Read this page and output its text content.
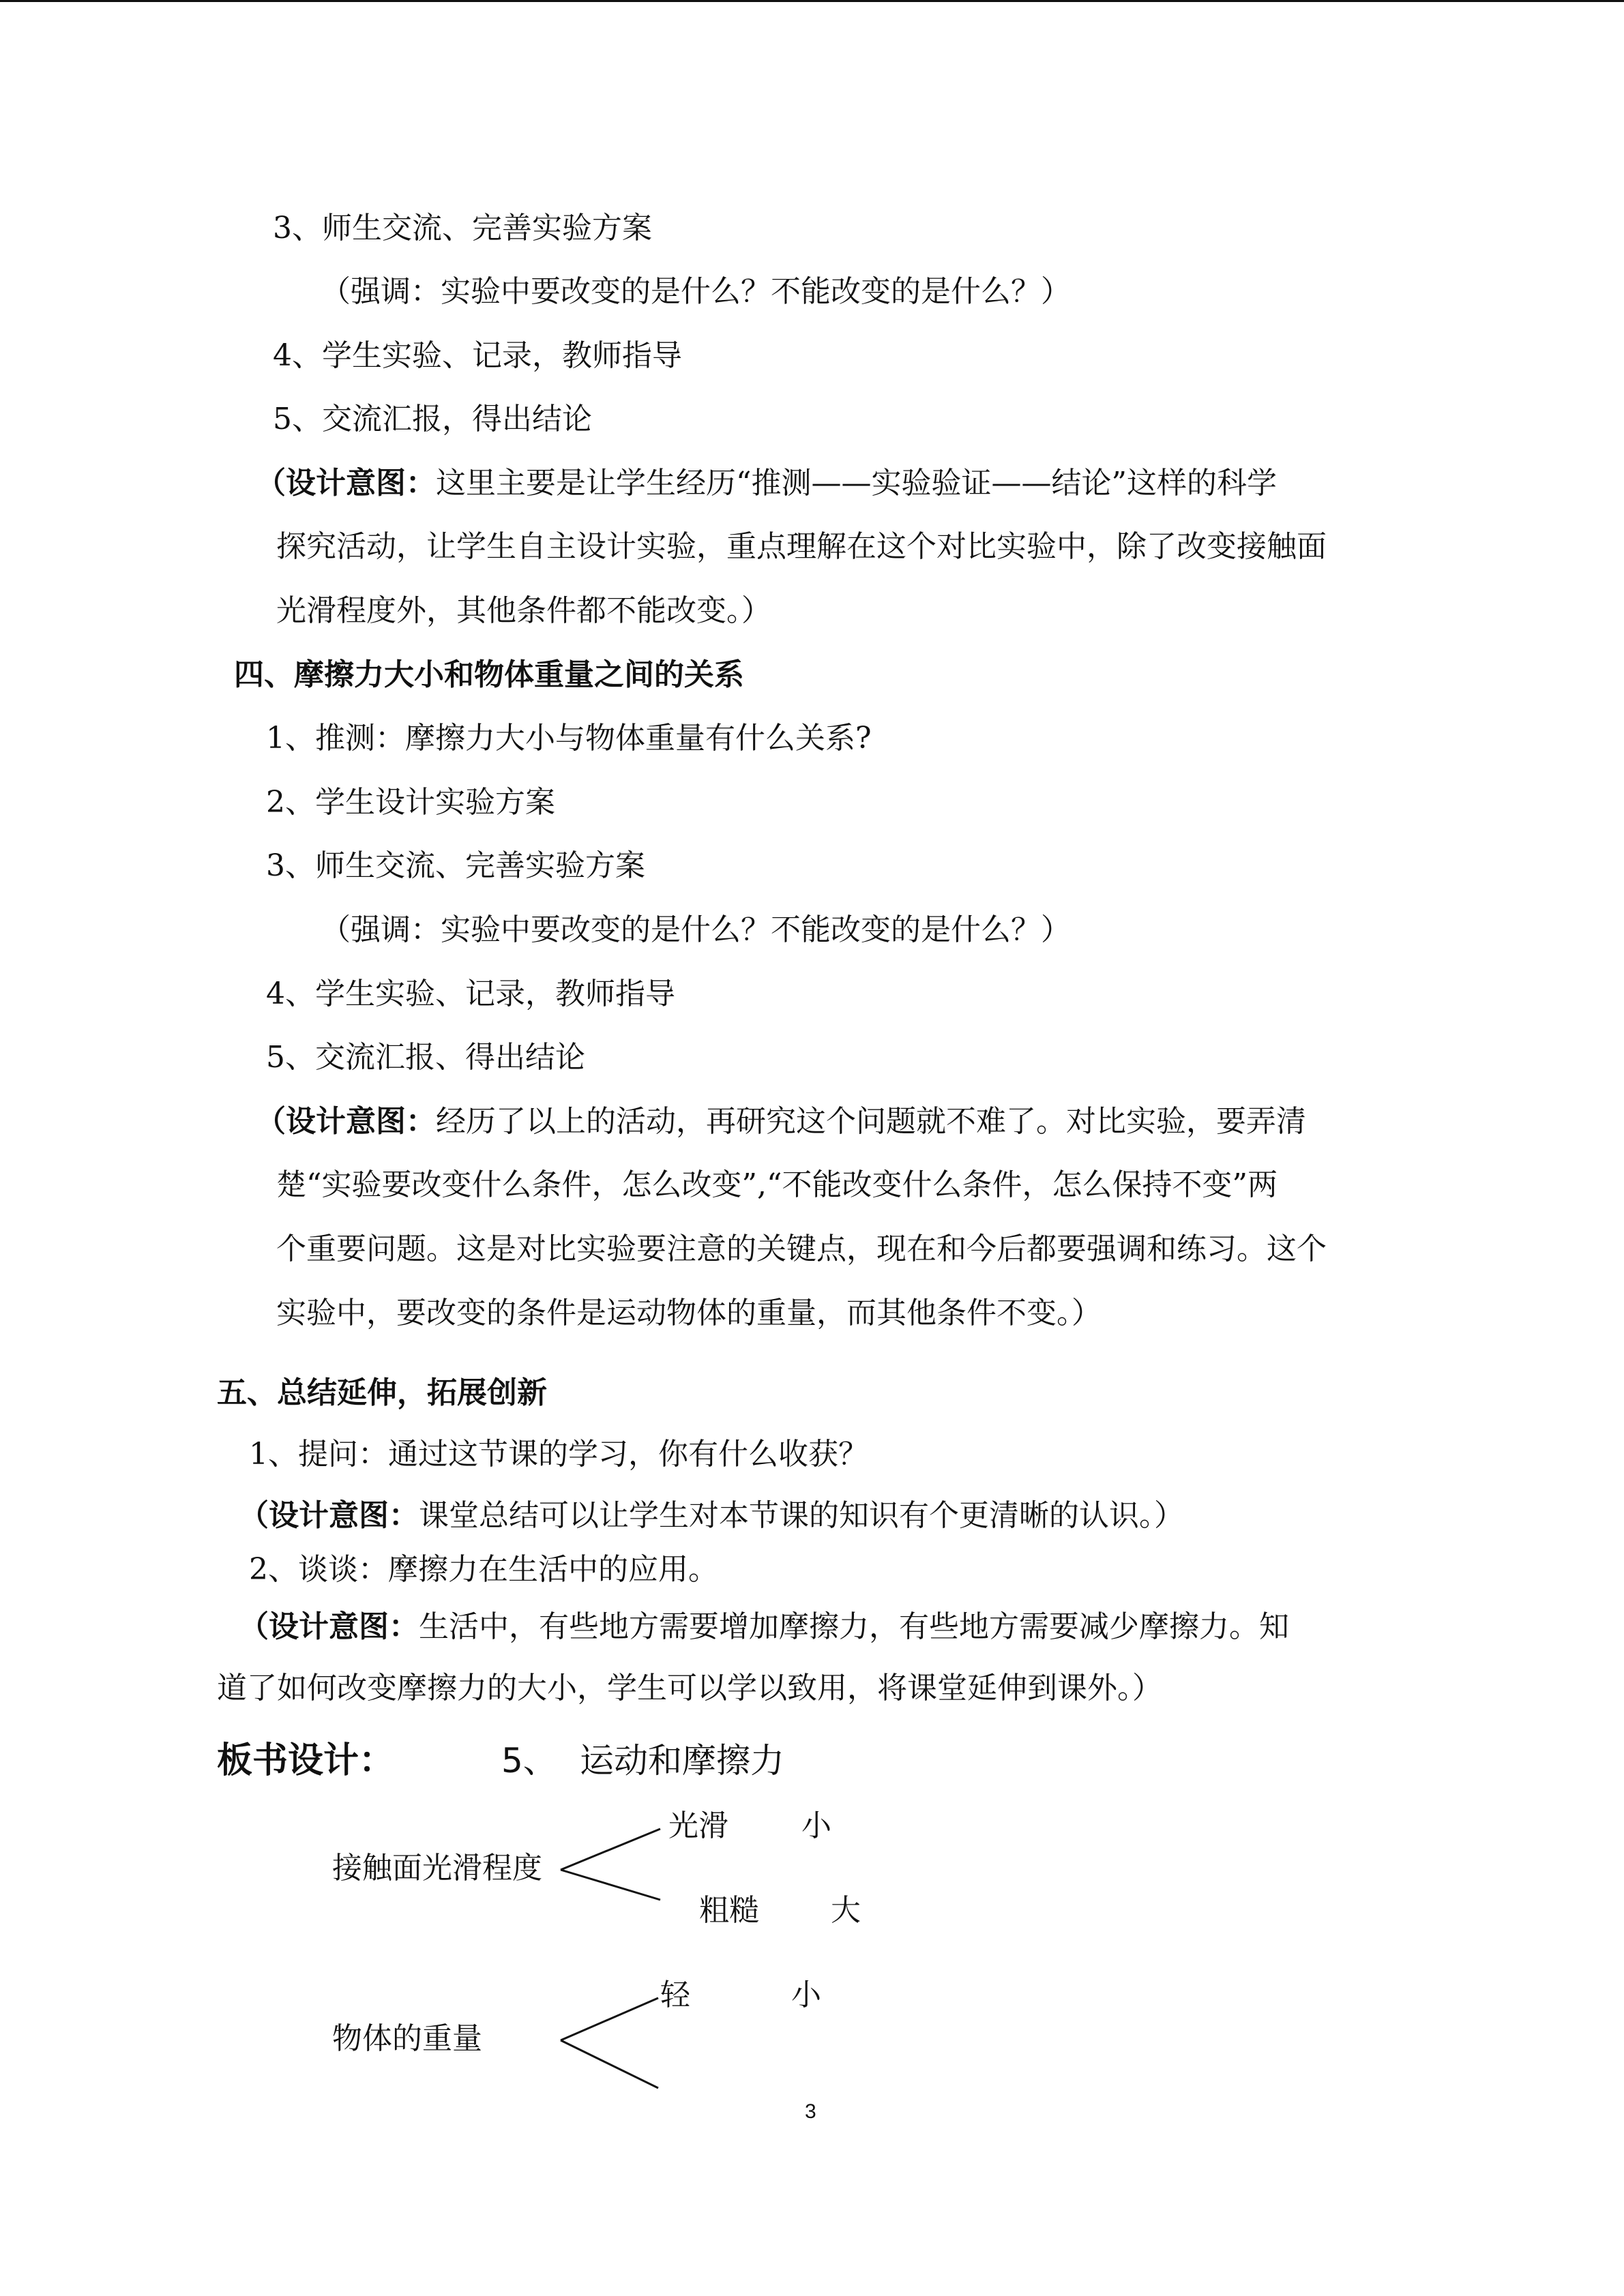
3、师生交流、完善实验方案
（强调：实验中要改变的是什么？不能改变的是什么？）
4、学生实验、记录，教师指导
5、交流汇报，得出结论
（设计意图：这里主要是让学生经历“推测——实验验证——结论”这样的科学
探究活动，让学生自主设计实验，重点理解在这个对比实验中，除了改变接触面
光滑程度外，其他条件都不能改变。）
四、摩擦力大小和物体重量之间的关系
1、推测：摩擦力大小与物体重量有什么关系?
2、学生设计实验方案
3、师生交流、完善实验方案
（强调：实验中要改变的是什么？不能改变的是什么？）
4、学生实验、记录，教师指导
5、交流汇报、得出结论
（设计意图：经历了以上的活动，再研究这个问题就不难了。对比实验，要弄清
楚“实验要改变什么条件，怎么改变”,“不能改变什么条件，怎么保持不变”两
个重要问题。这是对比实验要注意的关键点，现在和今后都要强调和练习。这个
实验中，要改变的条件是运动物体的重量，而其他条件不变。）
五、总结延伸，拓展创新
1、提问：通过这节课的学习，你有什么收获？
（设计意图：课堂总结可以让学生对本节课的知识有个更清晰的认识。）
2、谈谈：摩擦力在生活中的应用。
（设计意图：生活中，有些地方需要增加摩擦力，有些地方需要减少摩擦力。知
道了如何改变摩擦力的大小，学生可以学以致用，将课堂延伸到课外。）
板书设计：	5、 运动和摩擦力
接触面光滑程度
光滑 小
粗糙 大
物体的重量
轻	小
3
